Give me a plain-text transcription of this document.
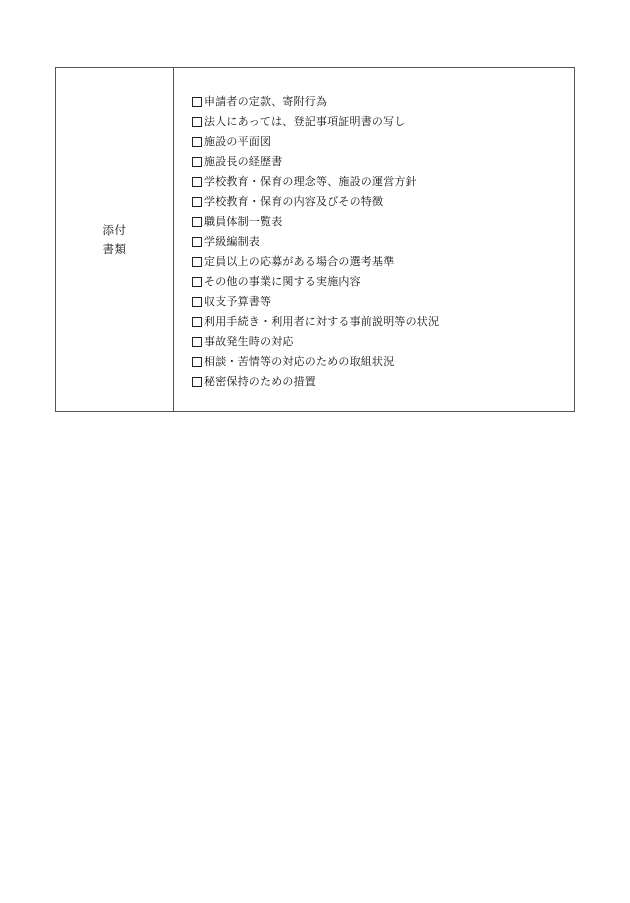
添付
書類
申請者の定款、寄附行為
法人にあっては、登記事項証明書の写し
施設の平面図
施設長の経歴書
学校教育・保育の理念等、施設の運営方針
学校教育・保育の内容及びその特徴
職員体制一覧表
学級編制表
定員以上の応募がある場合の選考基準
その他の事業に関する実施内容
収支予算書等
利用手続き・利用者に対する事前説明等の状況
事故発生時の対応
相談・苦情等の対応のための取組状況
秘密保持のための措置
